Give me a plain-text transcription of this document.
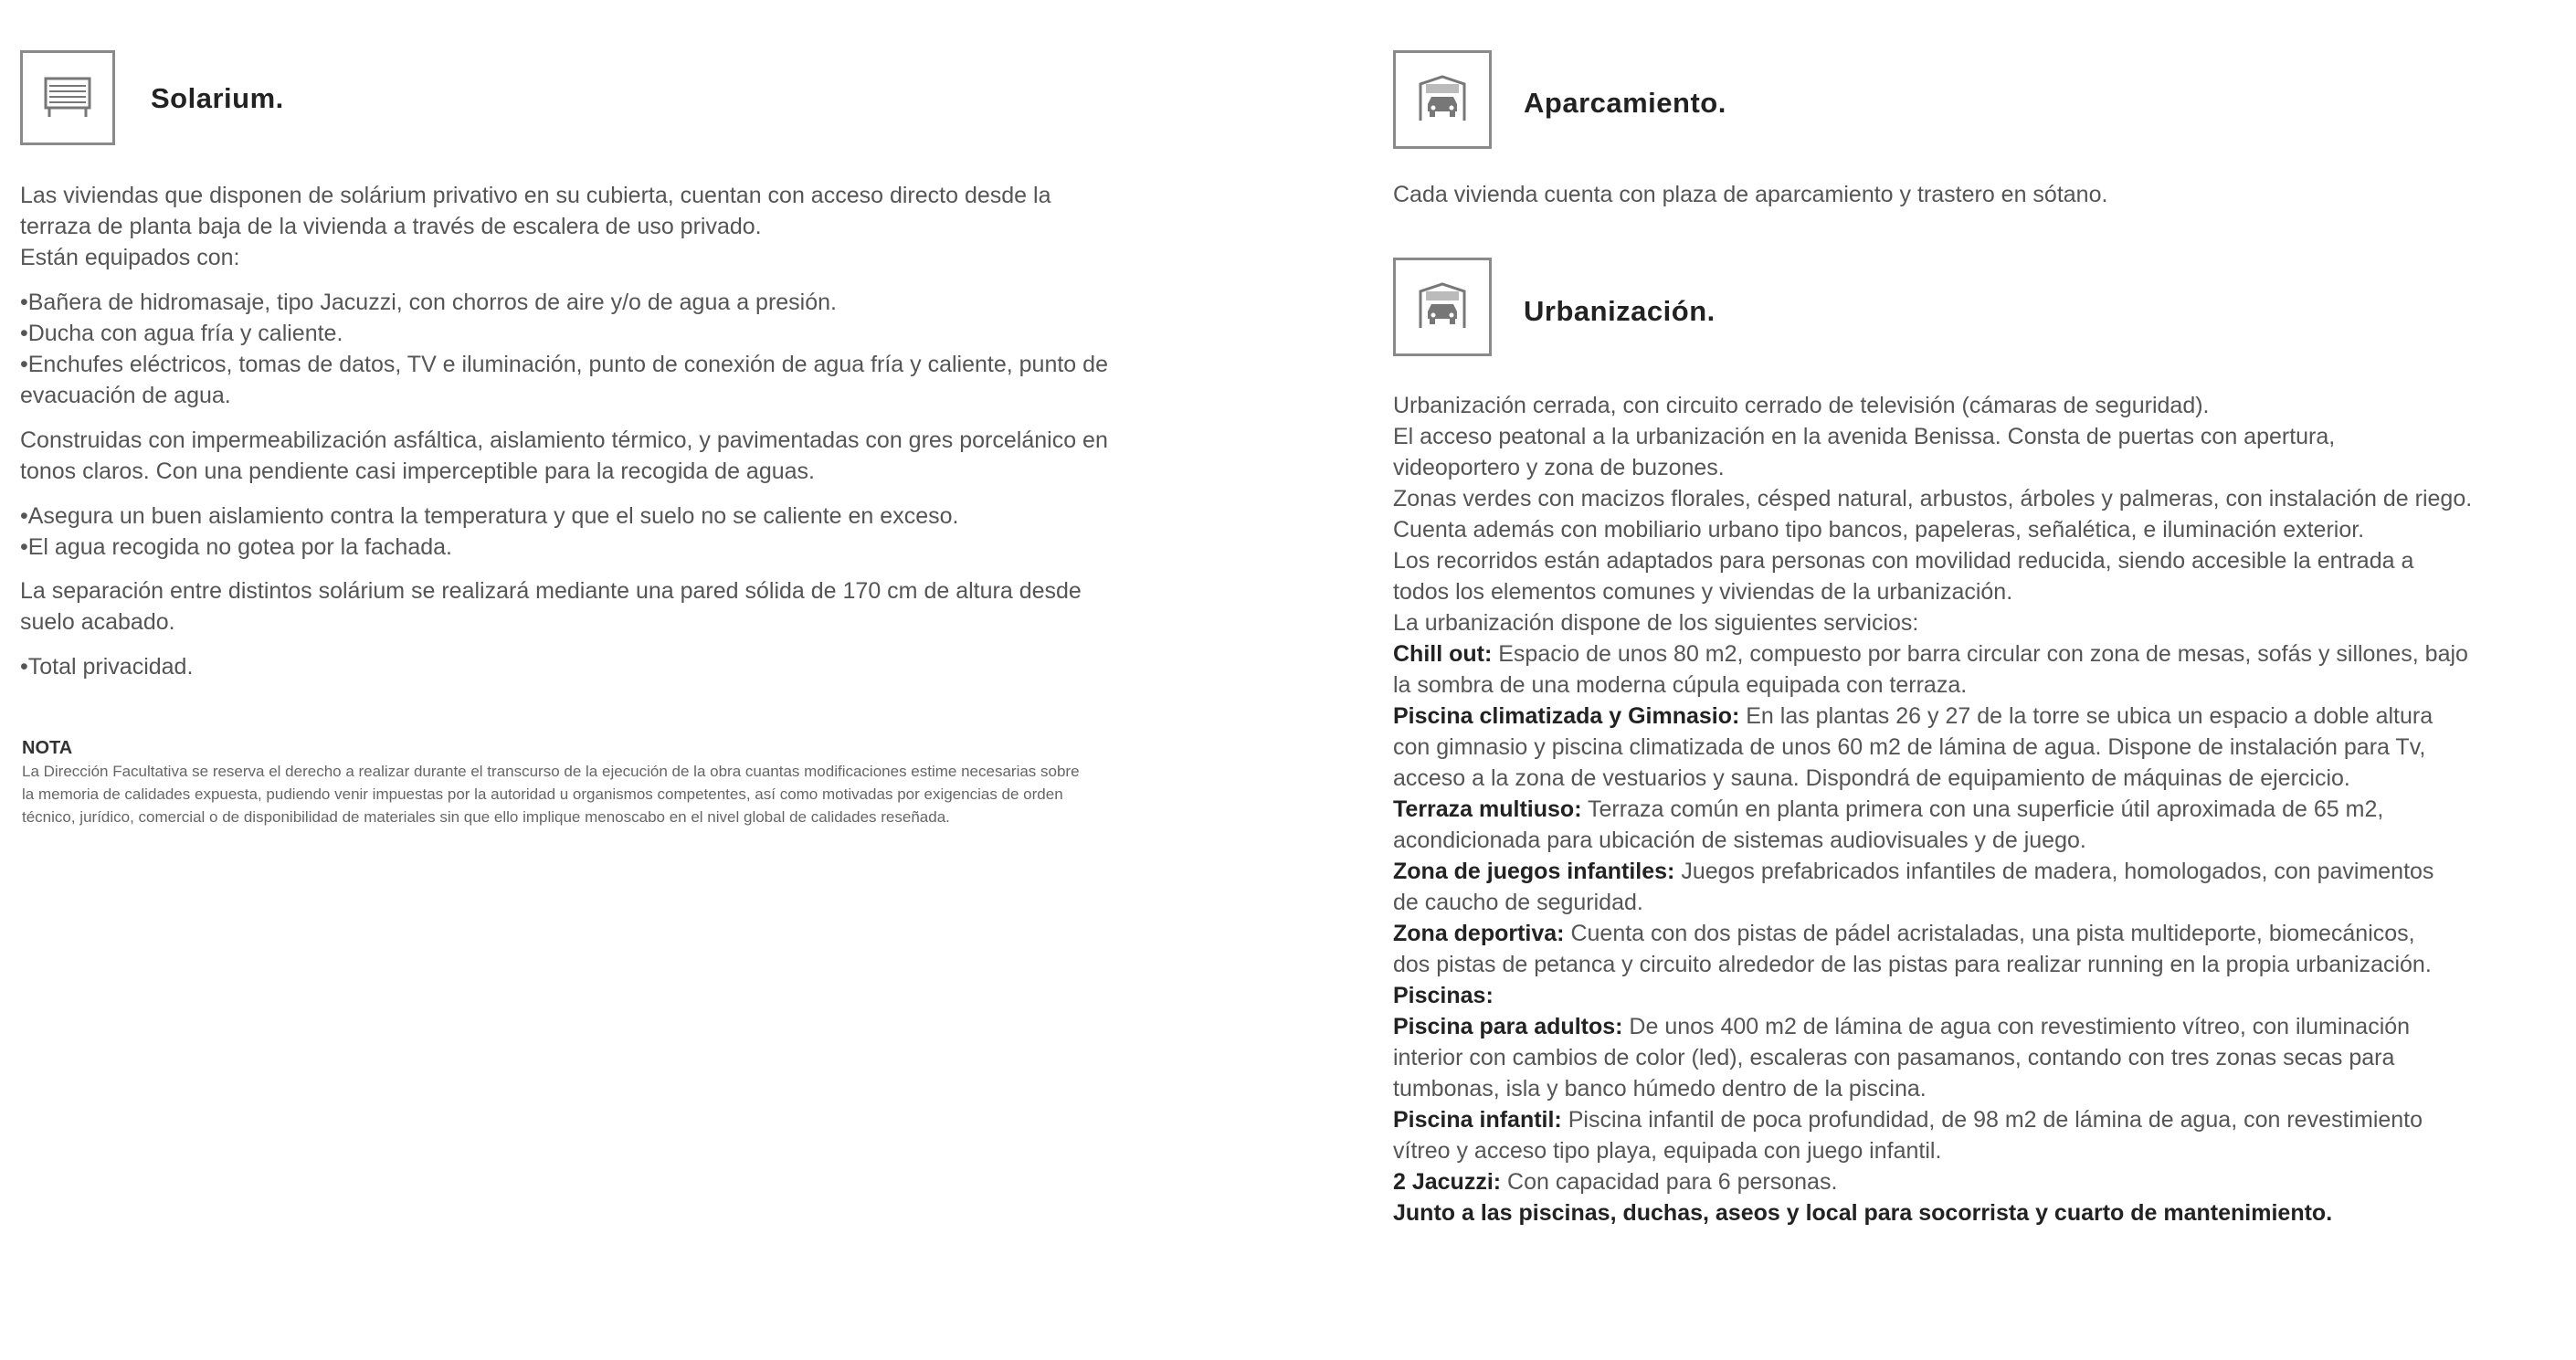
Solarium.
Las viviendas que disponen de solárium privativo en su cubierta, cuentan con acceso directo desde la
terraza de planta baja de la vivienda a través de escalera de uso privado.
Están equipados con:
•Bañera de hidromasaje, tipo Jacuzzi, con chorros de aire y/o de agua a presión.
•Ducha con agua fría y caliente.
•Enchufes eléctricos, tomas de datos, TV e iluminación, punto de conexión de agua fría y caliente, punto de
evacuación de agua.
Construidas con impermeabilización asfáltica, aislamiento térmico, y pavimentadas con gres porcelánico en
tonos claros. Con una pendiente casi imperceptible para la recogida de aguas.
•Asegura un buen aislamiento contra la temperatura y que el suelo no se caliente en exceso.
•El agua recogida no gotea por la fachada.
La separación entre distintos solárium se realizará mediante una pared sólida de 170 cm de altura desde
suelo acabado.
•Total privacidad.
NOTA
La Dirección Facultativa se reserva el derecho a realizar durante el transcurso de la ejecución de la obra cuantas modificaciones estime necesarias sobre
la memoria de calidades expuesta, pudiendo venir impuestas por la autoridad u organismos competentes, así como motivadas por exigencias de orden
técnico, jurídico, comercial o de disponibilidad de materiales sin que ello implique menoscabo en el nivel global de calidades reseñada.
Aparcamiento.
Cada vivienda cuenta con plaza de aparcamiento y trastero en sótano.
Urbanización.
Urbanización cerrada, con circuito cerrado de televisión (cámaras de seguridad).
El acceso peatonal a la urbanización en la avenida Benissa. Consta de puertas con apertura,
videoportero y zona de buzones.
Zonas verdes con macizos florales, césped natural, arbustos, árboles y palmeras, con instalación de riego.
Cuenta además con mobiliario urbano tipo bancos, papeleras, señalética, e iluminación exterior.
Los recorridos están adaptados para personas con movilidad reducida, siendo accesible la entrada a
todos los elementos comunes y viviendas de la urbanización.
La urbanización dispone de los siguientes servicios:
Chill out: Espacio de unos 80 m2, compuesto por barra circular con zona de mesas, sofás y sillones, bajo
la sombra de una moderna cúpula equipada con terraza.
Piscina climatizada y Gimnasio: En las plantas 26 y 27 de la torre se ubica un espacio a doble altura
con gimnasio y piscina climatizada de unos 60 m2 de lámina de agua. Dispone de instalación para Tv,
acceso a la zona de vestuarios y sauna. Dispondrá de equipamiento de máquinas de ejercicio.
Terraza multiuso: Terraza común en planta primera con una superficie útil aproximada de 65 m2,
acondicionada para ubicación de sistemas audiovisuales y de juego.
Zona de juegos infantiles: Juegos prefabricados infantiles de madera, homologados, con pavimentos
de caucho de seguridad.
Zona deportiva: Cuenta con dos pistas de pádel acristaladas, una pista multideporte, biomecánicos,
dos pistas de petanca y circuito alrededor de las pistas para realizar running en la propia urbanización.
Piscinas:
Piscina para adultos: De unos 400 m2 de lámina de agua con revestimiento vítreo, con iluminación
interior con cambios de color (led), escaleras con pasamanos, contando con tres zonas secas para
tumbonas, isla y banco húmedo dentro de la piscina.
Piscina infantil: Piscina infantil de poca profundidad, de 98 m2 de lámina de agua, con revestimiento
vítreo y acceso tipo playa, equipada con juego infantil.
2 Jacuzzi: Con capacidad para 6 personas.
Junto a las piscinas, duchas, aseos y local para socorrista y cuarto de mantenimiento.
